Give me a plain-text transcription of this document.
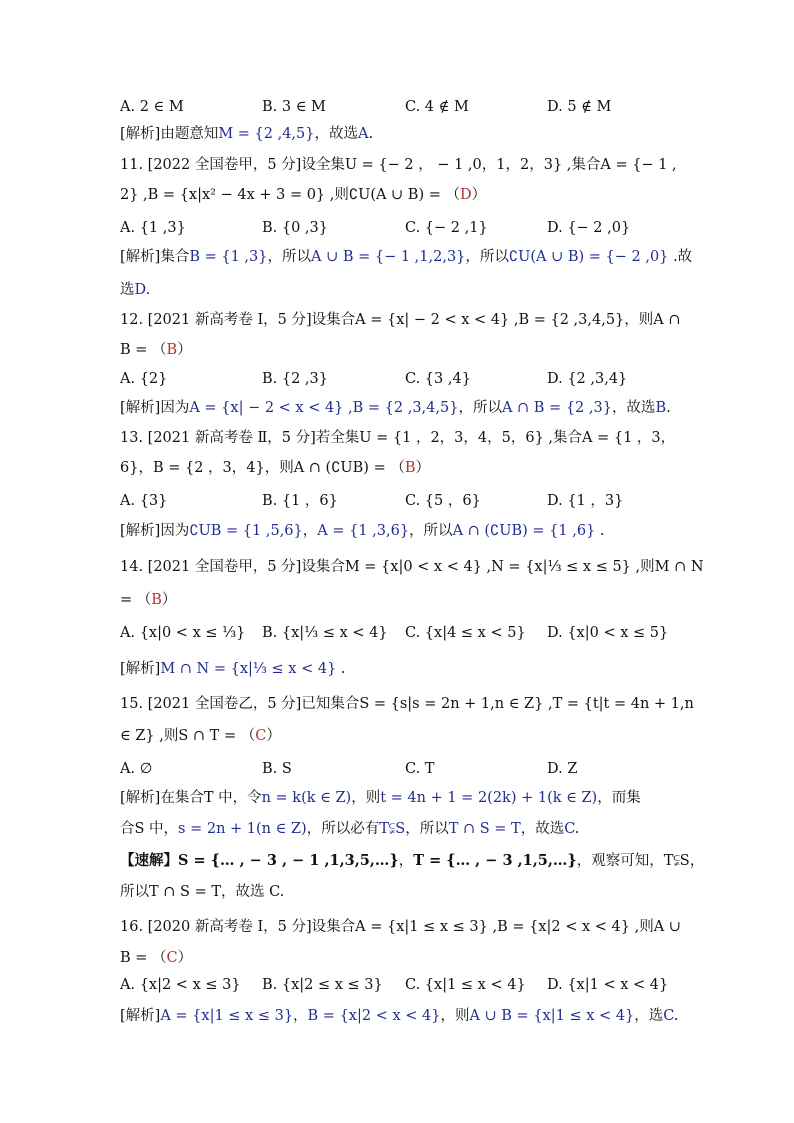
A. 2 ∈ M	B. 3 ∈ M	C. 4 ∉ M	D. 5 ∉ M
[解析]由题意知M = {2 ,4,5}，故选A.
11. [2022 全国卷甲，5 分]设全集U = {− 2 ， − 1 ,0，1，2，3} ,集合A = {− 1 ,
2} ,B = {x|x² − 4x + 3 = 0} ,则∁U(A ∪ B) = （D）
A. {1 ,3}	B. {0 ,3}	C. {− 2 ,1}	D. {− 2 ,0}
[解析]集合B = {1 ,3}，所以A ∪ B = {− 1 ,1,2,3}，所以∁U(A ∪ B) = {− 2 ,0} .故
选D.
12. [2021 新高考卷 Ⅰ，5 分]设集合A = {x| − 2 < x < 4} ,B = {2 ,3,4,5}，则A ∩
B = （B）
A. {2}	B. {2 ,3}	C. {3 ,4}	D. {2 ,3,4}
[解析]因为A = {x| − 2 < x < 4} ,B = {2 ,3,4,5}，所以A ∩ B = {2 ,3}，故选B.
13. [2021 新高考卷 Ⅱ，5 分]若全集U = {1 ，2，3，4，5，6} ,集合A = {1 ，3，
6}，B = {2 ，3，4}，则A ∩ (∁UB) = （B）
A. {3}	B. {1 ，6}	C. {5 ，6}	D. {1 ，3}
[解析]因为∁UB = {1 ,5,6}，A = {1 ,3,6}，所以A ∩ (∁UB) = {1 ,6} .
14. [2021 全国卷甲，5 分]设集合M = {x|0 < x < 4} ,N = {x|⅓ ≤ x ≤ 5} ,则M ∩ N
= （B）
A. {x|0 < x ≤ ⅓} B. {x|⅓ ≤ x < 4} C. {x|4 ≤ x < 5} D. {x|0 < x ≤ 5}
[解析]M ∩ N = {x|⅓ ≤ x < 4} .
15. [2021 全国卷乙，5 分]已知集合S = {s|s = 2n + 1,n ∈ Z} ,T = {t|t = 4n + 1,n
∈ Z} ,则S ∩ T = （C）
A. ∅	B. S	C. T	D. Z
[解析]在集合T 中，令n = k(k ∈ Z)，则t = 4n + 1 = 2(2k) + 1(k ∈ Z)，而集
合S 中，s = 2n + 1(n ∈ Z)，所以必有T⫋S，所以T ∩ S = T，故选C.
【速解】S = {… , − 3 , − 1 ,1,3,5,…}，T = {… , − 3 ,1,5,…}，观察可知，T⫋S，
所以T ∩ S = T，故选 C.
16. [2020 新高考卷 Ⅰ，5 分]设集合A = {x|1 ≤ x ≤ 3} ,B = {x|2 < x < 4} ,则A ∪
B = （C）
A. {x|2 < x ≤ 3} B. {x|2 ≤ x ≤ 3} C. {x|1 ≤ x < 4} D. {x|1 < x < 4}
[解析]A = {x|1 ≤ x ≤ 3}，B = {x|2 < x < 4}，则A ∪ B = {x|1 ≤ x < 4}，选C.
